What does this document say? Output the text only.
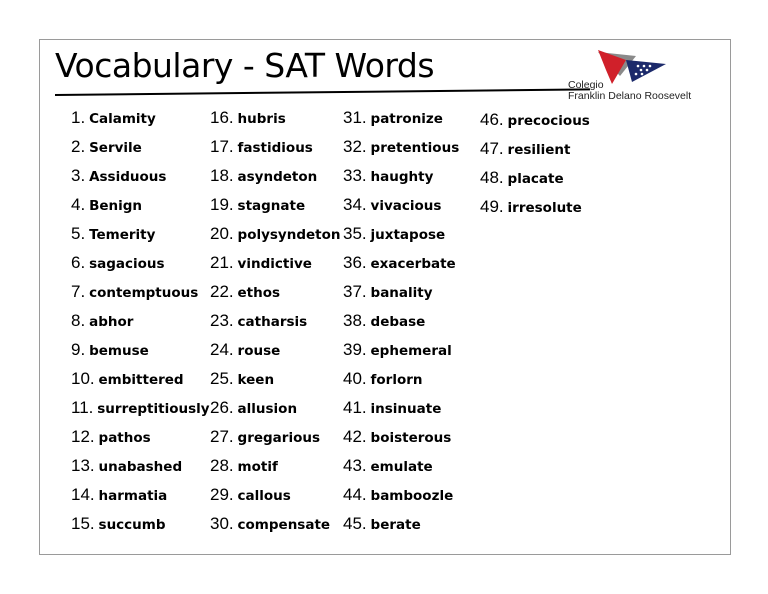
Vocabulary - SAT Words	Colegio
Franklin Delano Roosevelt
1. Calamity
2. Servile
3. Assiduous
4. Benign
5. Temerity
6. sagacious
7. contemptuous
8. abhor
9. bemuse
10. embittered
11. surreptitiously
12. pathos
13. unabashed
14. harmatia
15. succumb
16. hubris
17. fastidious
18. asyndeton
19. stagnate
20. polysyndeton
21. vindictive
22. ethos
23. catharsis
24. rouse
25. keen
26. allusion
27. gregarious
28. motif
29. callous
30. compensate
31. patronize
32. pretentious
33. haughty
34. vivacious
35. juxtapose
36. exacerbate
37. banality
38. debase
39. ephemeral
40. forlorn
41. insinuate
42. boisterous
43. emulate
44. bamboozle
45. berate
46. precocious
47. resilient
48. placate
49. irresolute
